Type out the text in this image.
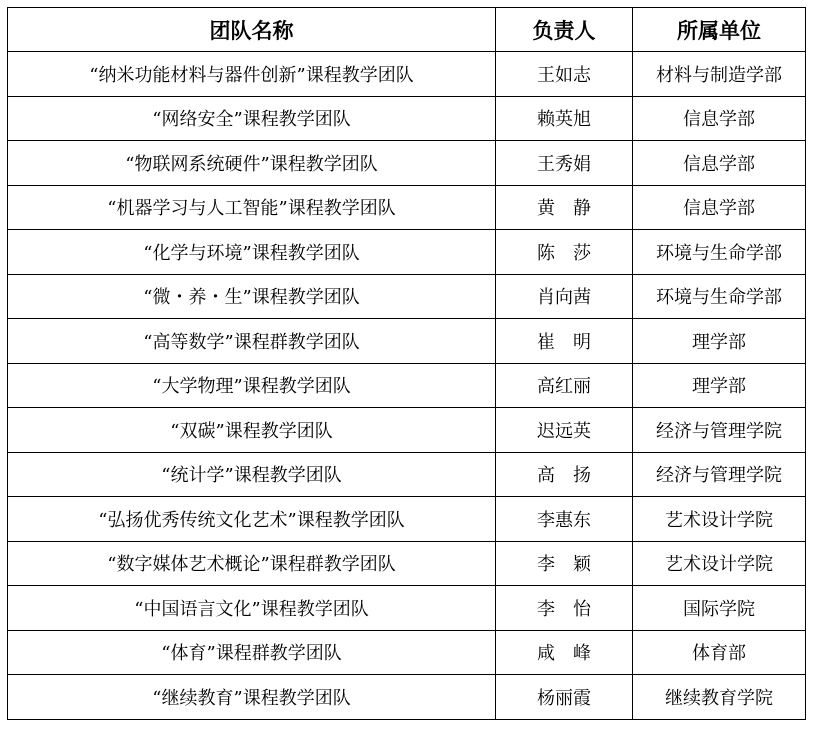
团队名称	负责人	所属单位
“纳米功能材料与器件创新”课程教学团队	王如志	材料与制造学部
“网络安全”课程教学团队	赖英旭	信息学部
“物联网系统硬件”课程教学团队	王秀娟	信息学部
“机器学习与人工智能”课程教学团队	黄　静	信息学部
“化学与环境”课程教学团队	陈　莎	环境与生命学部
“微・养・生”课程教学团队	肖向茜	环境与生命学部
“高等数学”课程群教学团队	崔　明	理学部
“大学物理”课程教学团队	高红丽	理学部
“双碳”课程教学团队	迟远英	经济与管理学院
“统计学”课程教学团队	高　扬	经济与管理学院
“弘扬优秀传统文化艺术”课程教学团队	李惠东	艺术设计学院
“数字媒体艺术概论”课程群教学团队	李　颖	艺术设计学院
“中国语言文化”课程教学团队	李　怡	国际学院
“体育”课程群教学团队	咸　峰	体育部
“继续教育”课程教学团队	杨丽霞	继续教育学院
